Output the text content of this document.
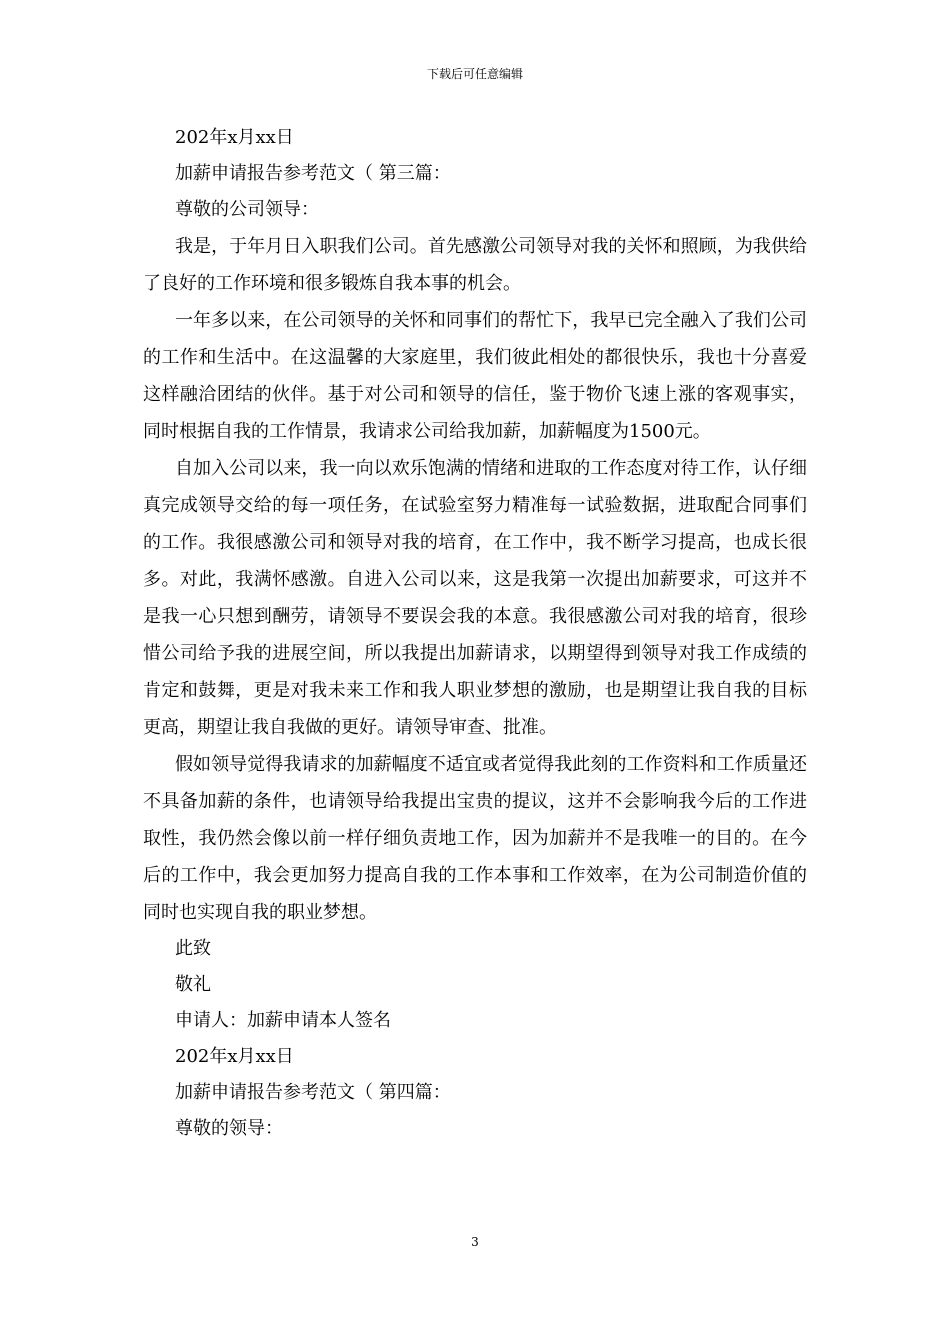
下载后可任意编辑
202年x月xx日
加薪申请报告参考范文（ 第三篇：
尊敬的公司领导：

我是，于年月日入职我们公司。首先感激公司领导对我的关怀和照顾，为我供给了良好的工作环境和很多锻炼自我本事的机会。

一年多以来，在公司领导的关怀和同事们的帮忙下，我早已完全融入了我们公司的工作和生活中。在这温馨的大家庭里，我们彼此相处的都很快乐，我也十分喜爱这样融洽团结的伙伴。基于对公司和领导的信任，鉴于物价飞速上涨的客观事实，同时根据自我的工作情景，我请求公司给我加薪，加薪幅度为1500元。

自加入公司以来，我一向以欢乐饱满的情绪和进取的工作态度对待工作，认仔细真完成领导交给的每一项任务，在试验室努力精准每一试验数据，进取配合同事们的工作。我很感激公司和领导对我的培育，在工作中，我不断学习提高，也成长很多。对此，我满怀感激。自进入公司以来，这是我第一次提出加薪要求，可这并不是我一心只想到酬劳，请领导不要误会我的本意。我很感激公司对我的培育，很珍惜公司给予我的进展空间，所以我提出加薪请求，以期望得到领导对我工作成绩的肯定和鼓舞，更是对我未来工作和我人职业梦想的激励，也是期望让我自我的目标更高，期望让我自我做的更好。请领导审查、批准。

假如领导觉得我请求的加薪幅度不适宜或者觉得我此刻的工作资料和工作质量还不具备加薪的条件，也请领导给我提出宝贵的提议，这并不会影响我今后的工作进取性，我仍然会像以前一样仔细负责地工作，因为加薪并不是我唯一的目的。在今后的工作中，我会更加努力提高自我的工作本事和工作效率，在为公司制造价值的同时也实现自我的职业梦想。

此致
敬礼
申请人：加薪申请本人签名
202年x月xx日
加薪申请报告参考范文（ 第四篇：
尊敬的领导：
3
